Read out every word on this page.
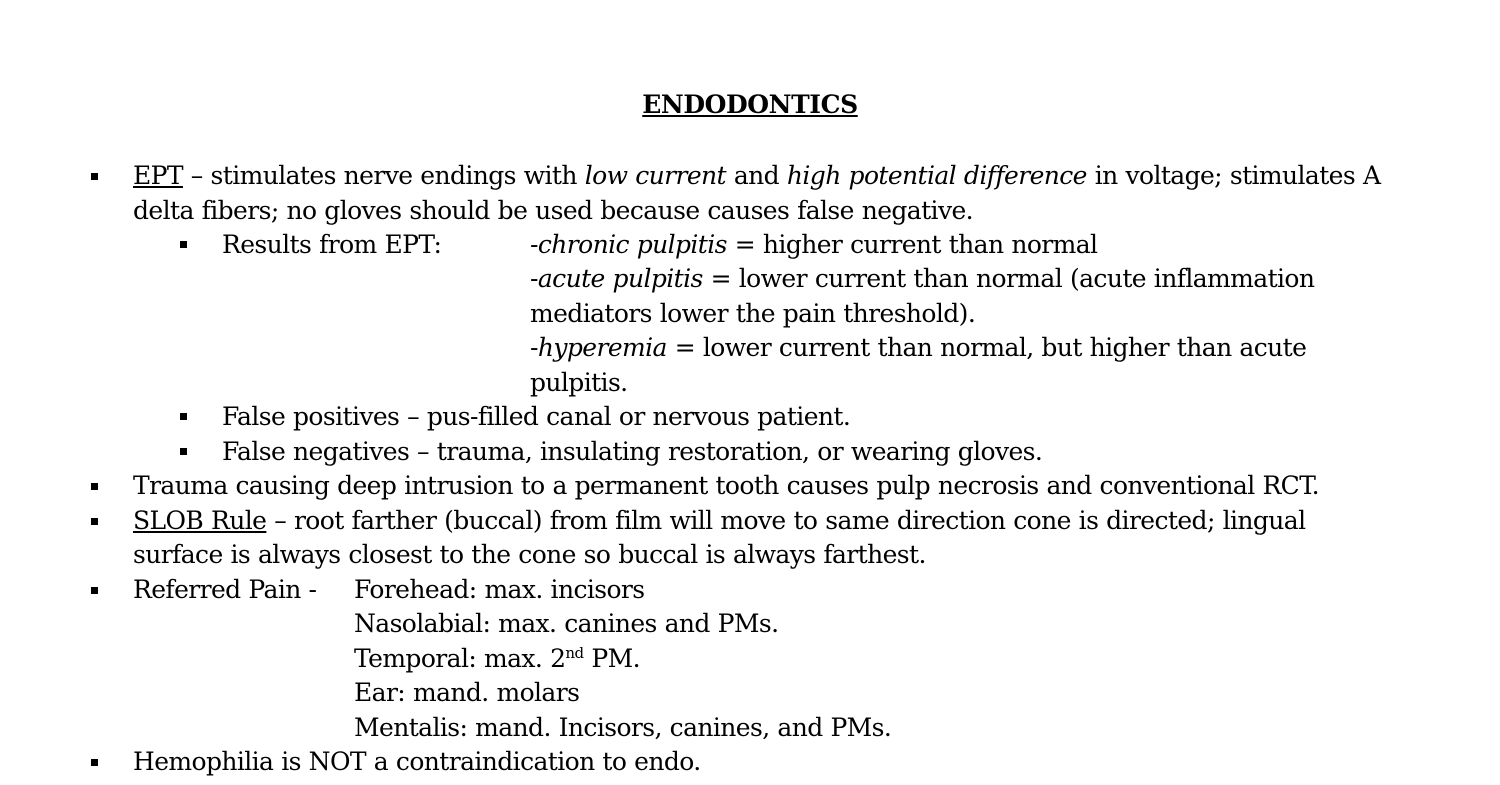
ENDODONTICS
EPT – stimulates nerve endings with low current and high potential difference in voltage; stimulates A
delta fibers; no gloves should be used because causes false negative.
Results from EPT:	-chronic pulpitis = higher current than normal
-acute pulpitis = lower current than normal (acute inflammation
mediators lower the pain threshold).
-hyperemia = lower current than normal, but higher than acute
pulpitis.
False positives – pus-filled canal or nervous patient.
False negatives – trauma, insulating restoration, or wearing gloves.
Trauma causing deep intrusion to a permanent tooth causes pulp necrosis and conventional RCT.
SLOB Rule – root farther (buccal) from film will move to same direction cone is directed; lingual
surface is always closest to the cone so buccal is always farthest.
Referred Pain - Forehead: max. incisors
Nasolabial: max. canines and PMs.
Temporal: max. 2nd PM.
Ear: mand. molars
Mentalis: mand. Incisors, canines, and PMs.
Hemophilia is NOT a contraindication to endo.
